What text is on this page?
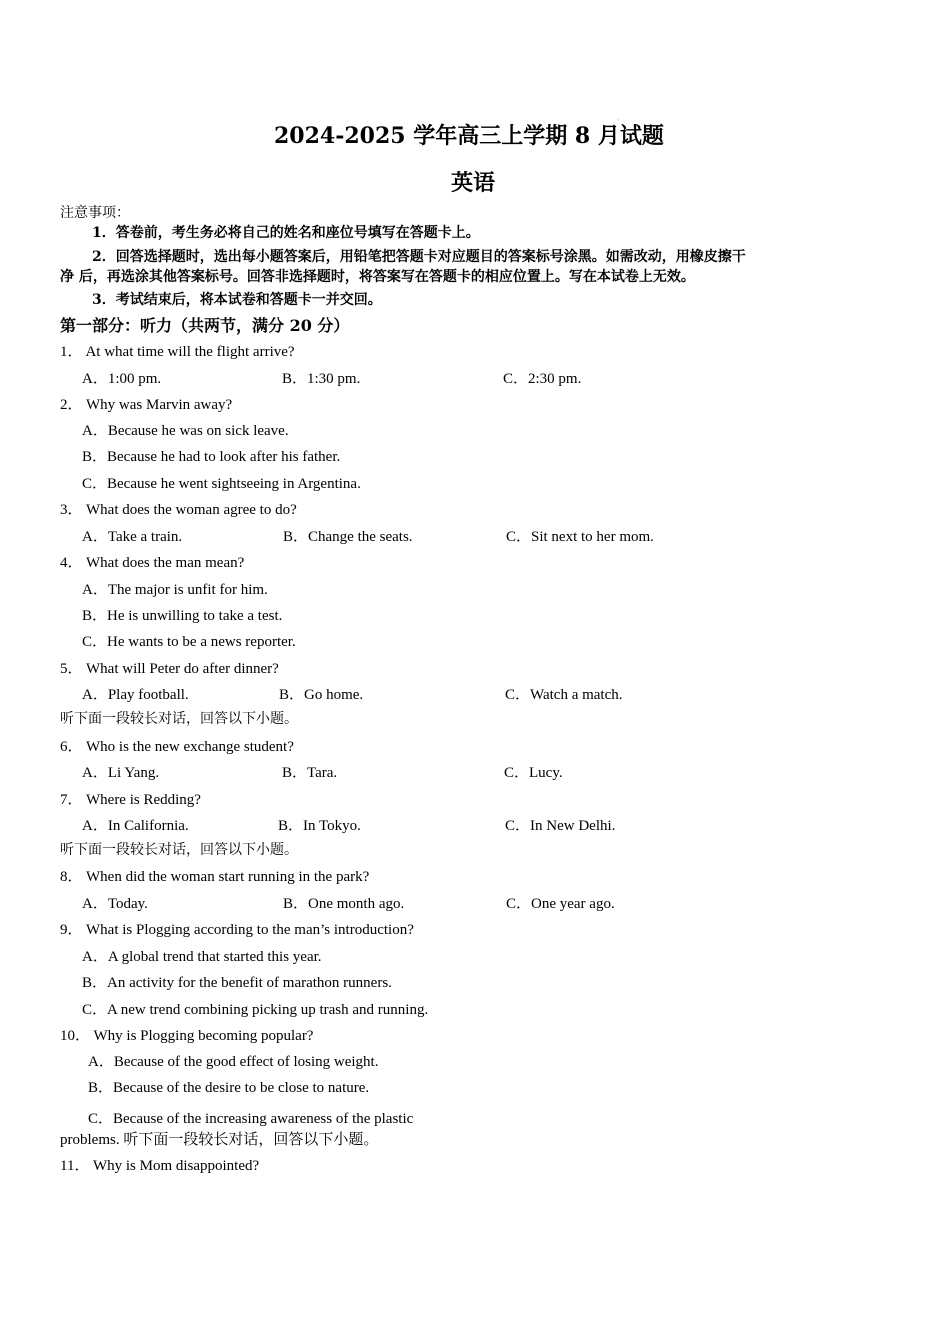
。
2024-2025 学年高三上学期 8 月试题
英语
注意事项：
1．答卷前，考生务必将自己的姓名和座位号填写在答题卡上。
2．回答选择题时，选出每小题答案后，用铅笔把答题卡对应题目的答案标号涂黑。如需改动，用橡皮擦干
净 后，再选涂其他答案标号。回答非选择题时，将答案写在答题卡的相应位置上。写在本试卷上无效。
3．考试结束后，将本试卷和答题卡一并交回。
第一部分：听力（共两节，满分 20 分）
1． At what time will the flight arrive?
A．1:00 pm.	B．1:30 pm.	C．2:30 pm.
2． Why was Marvin away?
A．Because he was on sick leave.
B．Because he had to look after his father.
C．Because he went sightseeing in Argentina.
3． What does the woman agree to do?
A．Take a train.	B．Change the seats.	C．Sit next to her mom.
4． What does the man mean?
A．The major is unfit for him.
B．He is unwilling to take a test.
C．He wants to be a news reporter.
5． What will Peter do after dinner?
A．Play football.	B．Go home.	C．Watch a match.
听下面一段较长对话，回答以下小题。
6． Who is the new exchange student?
A．Li Yang.	B．Tara.	C．Lucy.
7． Where is Redding?
A．In California.	B．In Tokyo.	C．In New Delhi.
听下面一段较长对话，回答以下小题。
8． When did the woman start running in the park?
A．Today.	B．One month ago.	C．One year ago.
9． What is Plogging according to the man’s introduction?
A．A global trend that started this year.
B．An activity for the benefit of marathon runners.
C．A new trend combining picking up trash and running.
10． Why is Plogging becoming popular?
A．Because of the good effect of losing weight.
B．Because of the desire to be close to nature.
C．Because of the increasing awareness of the plastic
problems. 听下面一段较长对话，回答以下小题。
11． Why is Mom disappointed?
